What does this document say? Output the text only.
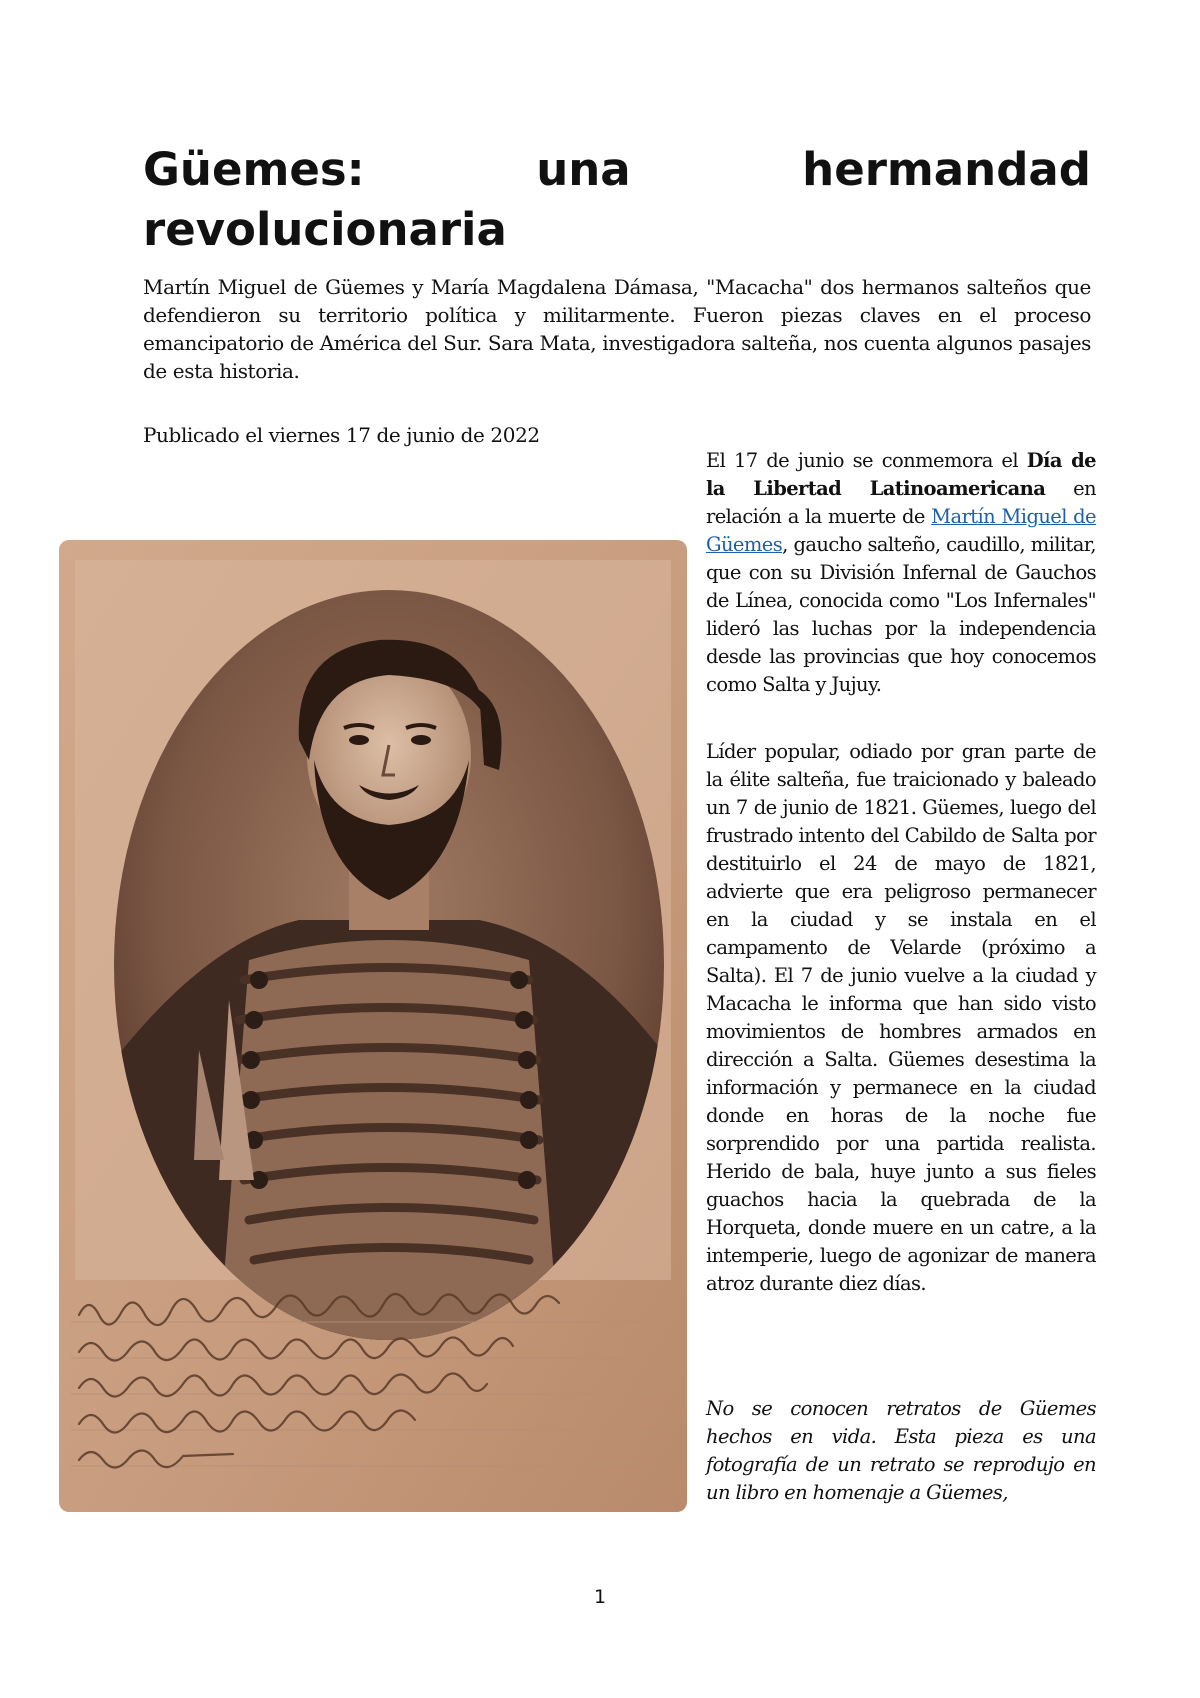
Güemes: una hermandad revolucionaria

Martín Miguel de Güemes y María Magdalena Dámasa, "Macacha" dos hermanos salteños que defendieron su territorio política y militarmente. Fueron piezas claves en el proceso emancipatorio de América del Sur. Sara Mata, investigadora salteña, nos cuenta algunos pasajes de esta historia.

Publicado el viernes 17 de junio de 2022

El 17 de junio se conmemora el Día de la Libertad Latinoamericana en relación a la muerte de Martín Miguel de Güemes, gaucho salteño, caudillo, militar, que con su División Infernal de Gauchos de Línea, conocida como "Los Infernales" lideró las luchas por la independencia desde las provincias que hoy conocemos como Salta y Jujuy.

Líder popular, odiado por gran parte de la élite salteña, fue traicionado y baleado un 7 de junio de 1821. Güemes, luego del frustrado intento del Cabildo de Salta por destituirlo el 24 de mayo de 1821, advierte que era peligroso permanecer en la ciudad y se instala en el campamento de Velarde (próximo a Salta). El 7 de junio vuelve a la ciudad y Macacha le informa que han sido visto movimientos de hombres armados en dirección a Salta. Güemes desestima la información y permanece en la ciudad donde en horas de la noche fue sorprendido por una partida realista. Herido de bala, huye junto a sus fieles guachos hacia la quebrada de la Horqueta, donde muere en un catre, a la intemperie, luego de agonizar de manera atroz durante diez días.

No se conocen retratos de Güemes hechos en vida. Esta pieza es una fotografía de un retrato se reprodujo en un libro en homenaje a Güemes,

1
